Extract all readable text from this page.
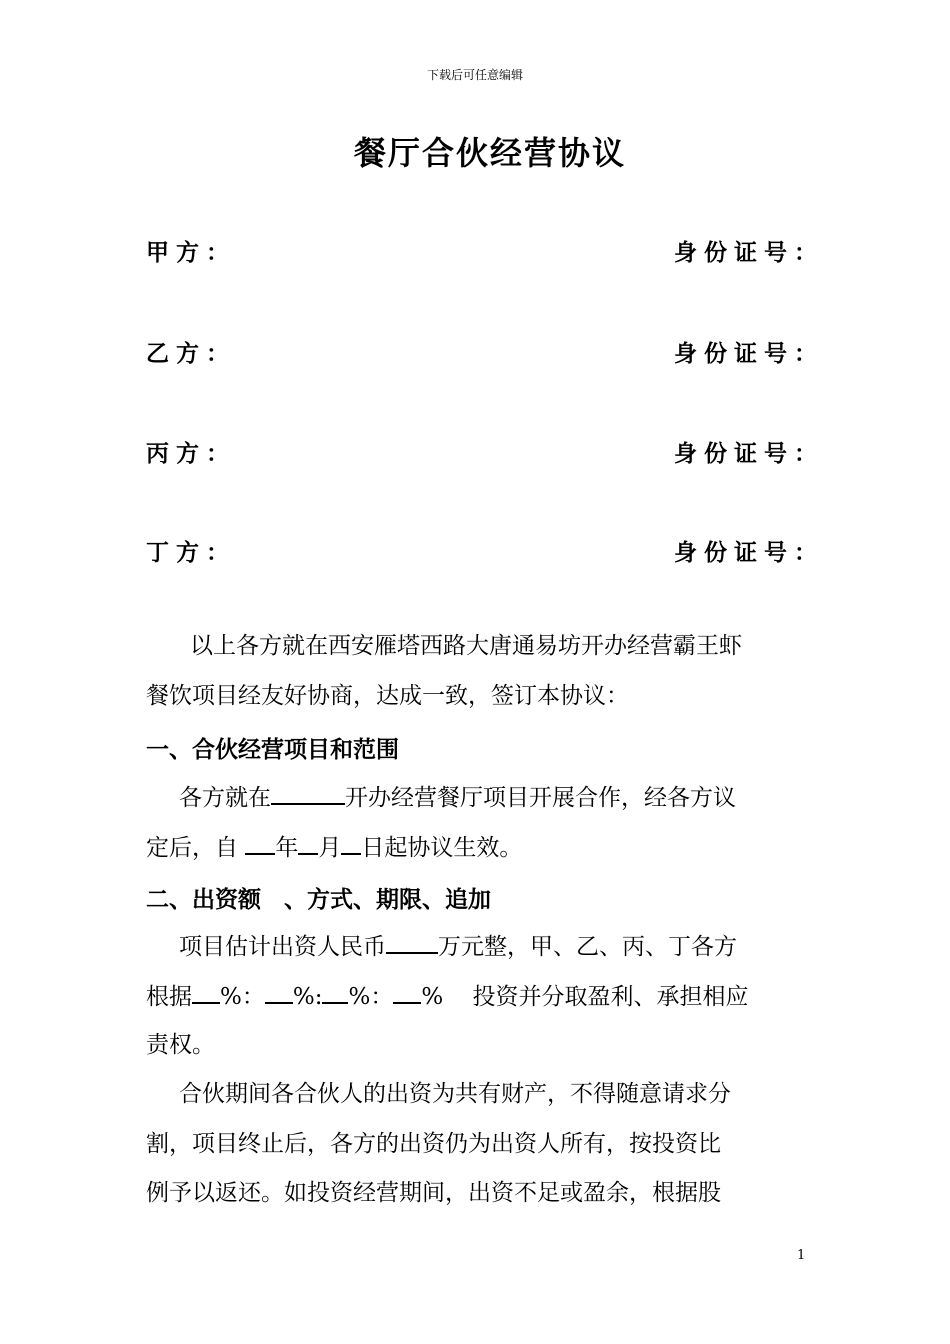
下载后可任意编辑
餐厅合伙经营协议
甲方：	身份证号：
乙方：	身份证号：
丙方：	身份证号：
丁方：	身份证号：
以上各方就在西安雁塔西路大唐通易坊开办经营霸王虾
餐饮项目经友好协商，达成一致，签订本协议：
一、合伙经营项目和范围
各方就在	开办经营餐厅项目开展合作，经各方议
定后，自 年 月 日起协议生效。
二、出资额　、方式、期限、追加
项目估计出资人民币 万元整，甲、乙、丙、丁各方
根据 %： %: %： % 投资并分取盈利、承担相应
责权。
合伙期间各合伙人的出资为共有财产，不得随意请求分
割，项目终止后，各方的出资仍为出资人所有，按投资比
例予以返还。如投资经营期间，出资不足或盈余，根据股
1
